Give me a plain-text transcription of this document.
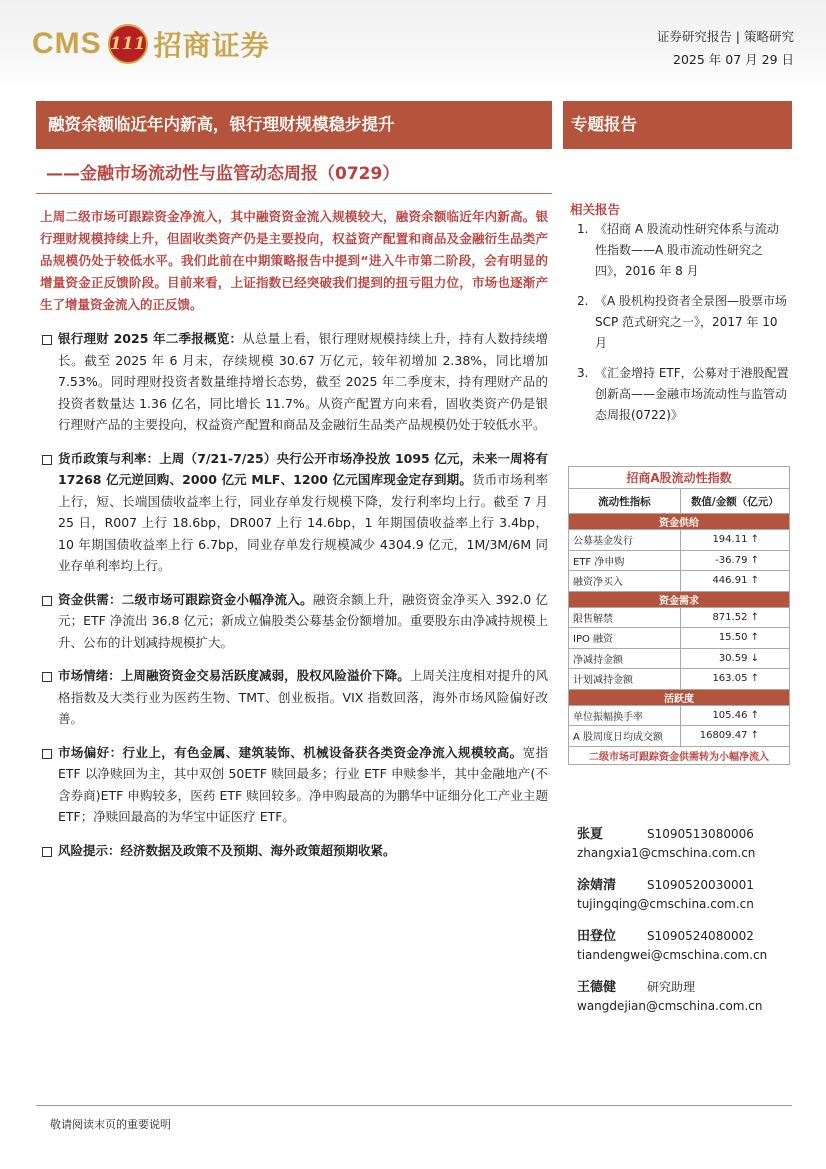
CMS 111 招商证券	证券研究报告 | 策略研究
2025 年 07 月 29 日
融资余额临近年内新高，银行理财规模稳步提升	专题报告
——金融市场流动性与监管动态周报（0729）

上周二级市场可跟踪资金净流入，其中融资资金流入规模较大，融资余额临近年内新高。银行理财规模持续上升，但固收类资产仍是主要投向，权益资产配置和商品及金融衍生品类产品规模仍处于较低水平。我们此前在中期策略报告中提到“进入牛市第二阶段，会有明显的增量资金正反馈阶段。目前来看，上证指数已经突破我们提到的扭亏阻力位，市场也逐渐产生了增量资金流入的正反馈。

银行理财 2025 年二季报概览：从总量上看，银行理财规模持续上升，持有人数持续增长。截至 2025 年 6 月末，存续规模 30.67 万亿元，较年初增加 2.38%，同比增加 7.53%。同时理财投资者数量维持增长态势，截至 2025 年二季度末，持有理财产品的投资者数量达 1.36 亿名，同比增长 11.7%。从资产配置方向来看，固收类资产仍是银行理财产品的主要投向，权益资产配置和商品及金融衍生品类产品规模仍处于较低水平。

货币政策与利率：上周（7/21-7/25）央行公开市场净投放 1095 亿元，未来一周将有 17268 亿元逆回购、2000 亿元 MLF、1200 亿元国库现金定存到期。货币市场利率上行，短、长端国债收益率上行，同业存单发行规模下降，发行利率均上行。截至 7 月 25 日，R007 上行 18.6bp，DR007 上行 14.6bp，1 年期国债收益率上行 3.4bp，10 年期国债收益率上行 6.7bp，同业存单发行规模减少 4304.9 亿元，1M/3M/6M 同业存单利率均上行。

资金供需：二级市场可跟踪资金小幅净流入。融资余额上升，融资资金净买入 392.0 亿元；ETF 净流出 36.8 亿元；新成立偏股类公募基金份额增加。重要股东由净减持规模上升、公布的计划减持规模扩大。

市场情绪：上周融资资金交易活跃度减弱，股权风险溢价下降。上周关注度相对提升的风格指数及大类行业为医药生物、TMT、创业板指。VIX 指数回落，海外市场风险偏好改善。

市场偏好：行业上，有色金属、建筑装饰、机械设备获各类资金净流入规模较高。宽指 ETF 以净赎回为主，其中双创 50ETF 赎回最多；行业 ETF 申赎参半，其中金融地产(不含券商)ETF 申购较多，医药 ETF 赎回较多。净申购最高的为鹏华中证细分化工产业主题 ETF；净赎回最高的为华宝中证医疗 ETF。

风险提示：经济数据及政策不及预期、海外政策超预期收紧。

相关报告
1. 《招商 A 股流动性研究体系与流动性指数——A 股市流动性研究之四》，2016 年 8 月
2. 《A 股机构投资者全景图—股票市场 SCP 范式研究之一》，2017 年 10 月
3. 《汇金增持 ETF，公募对于港股配置创新高——金融市场流动性与监管动态周报(0722)》
招商A股流动性指数	
流动性指标	数值/金额（亿元）
资金供给	
公募基金发行	194.11 ↑
ETF 净申购	-36.79 ↑
融资净买入	446.91 ↑
资金需求	
限售解禁	871.52 ↑
IPO 融资	15.50 ↑
净减持金额	30.59 ↓
计划减持金额	163.05 ↑
活跃度	
单位振幅换手率	105.46 ↑
A 股周度日均成交额	16809.47 ↑
二级市场可跟踪资金供需转为小幅净流入	
张夏	S1090513080006
zhangxia1@cmschina.com.cn
涂婧清	S1090520030001
tujingqing@cmschina.com.cn
田登位	S1090524080002
tiandengwei@cmschina.com.cn
王德健	研究助理
wangdejian@cmschina.com.cn
敬请阅读末页的重要说明
